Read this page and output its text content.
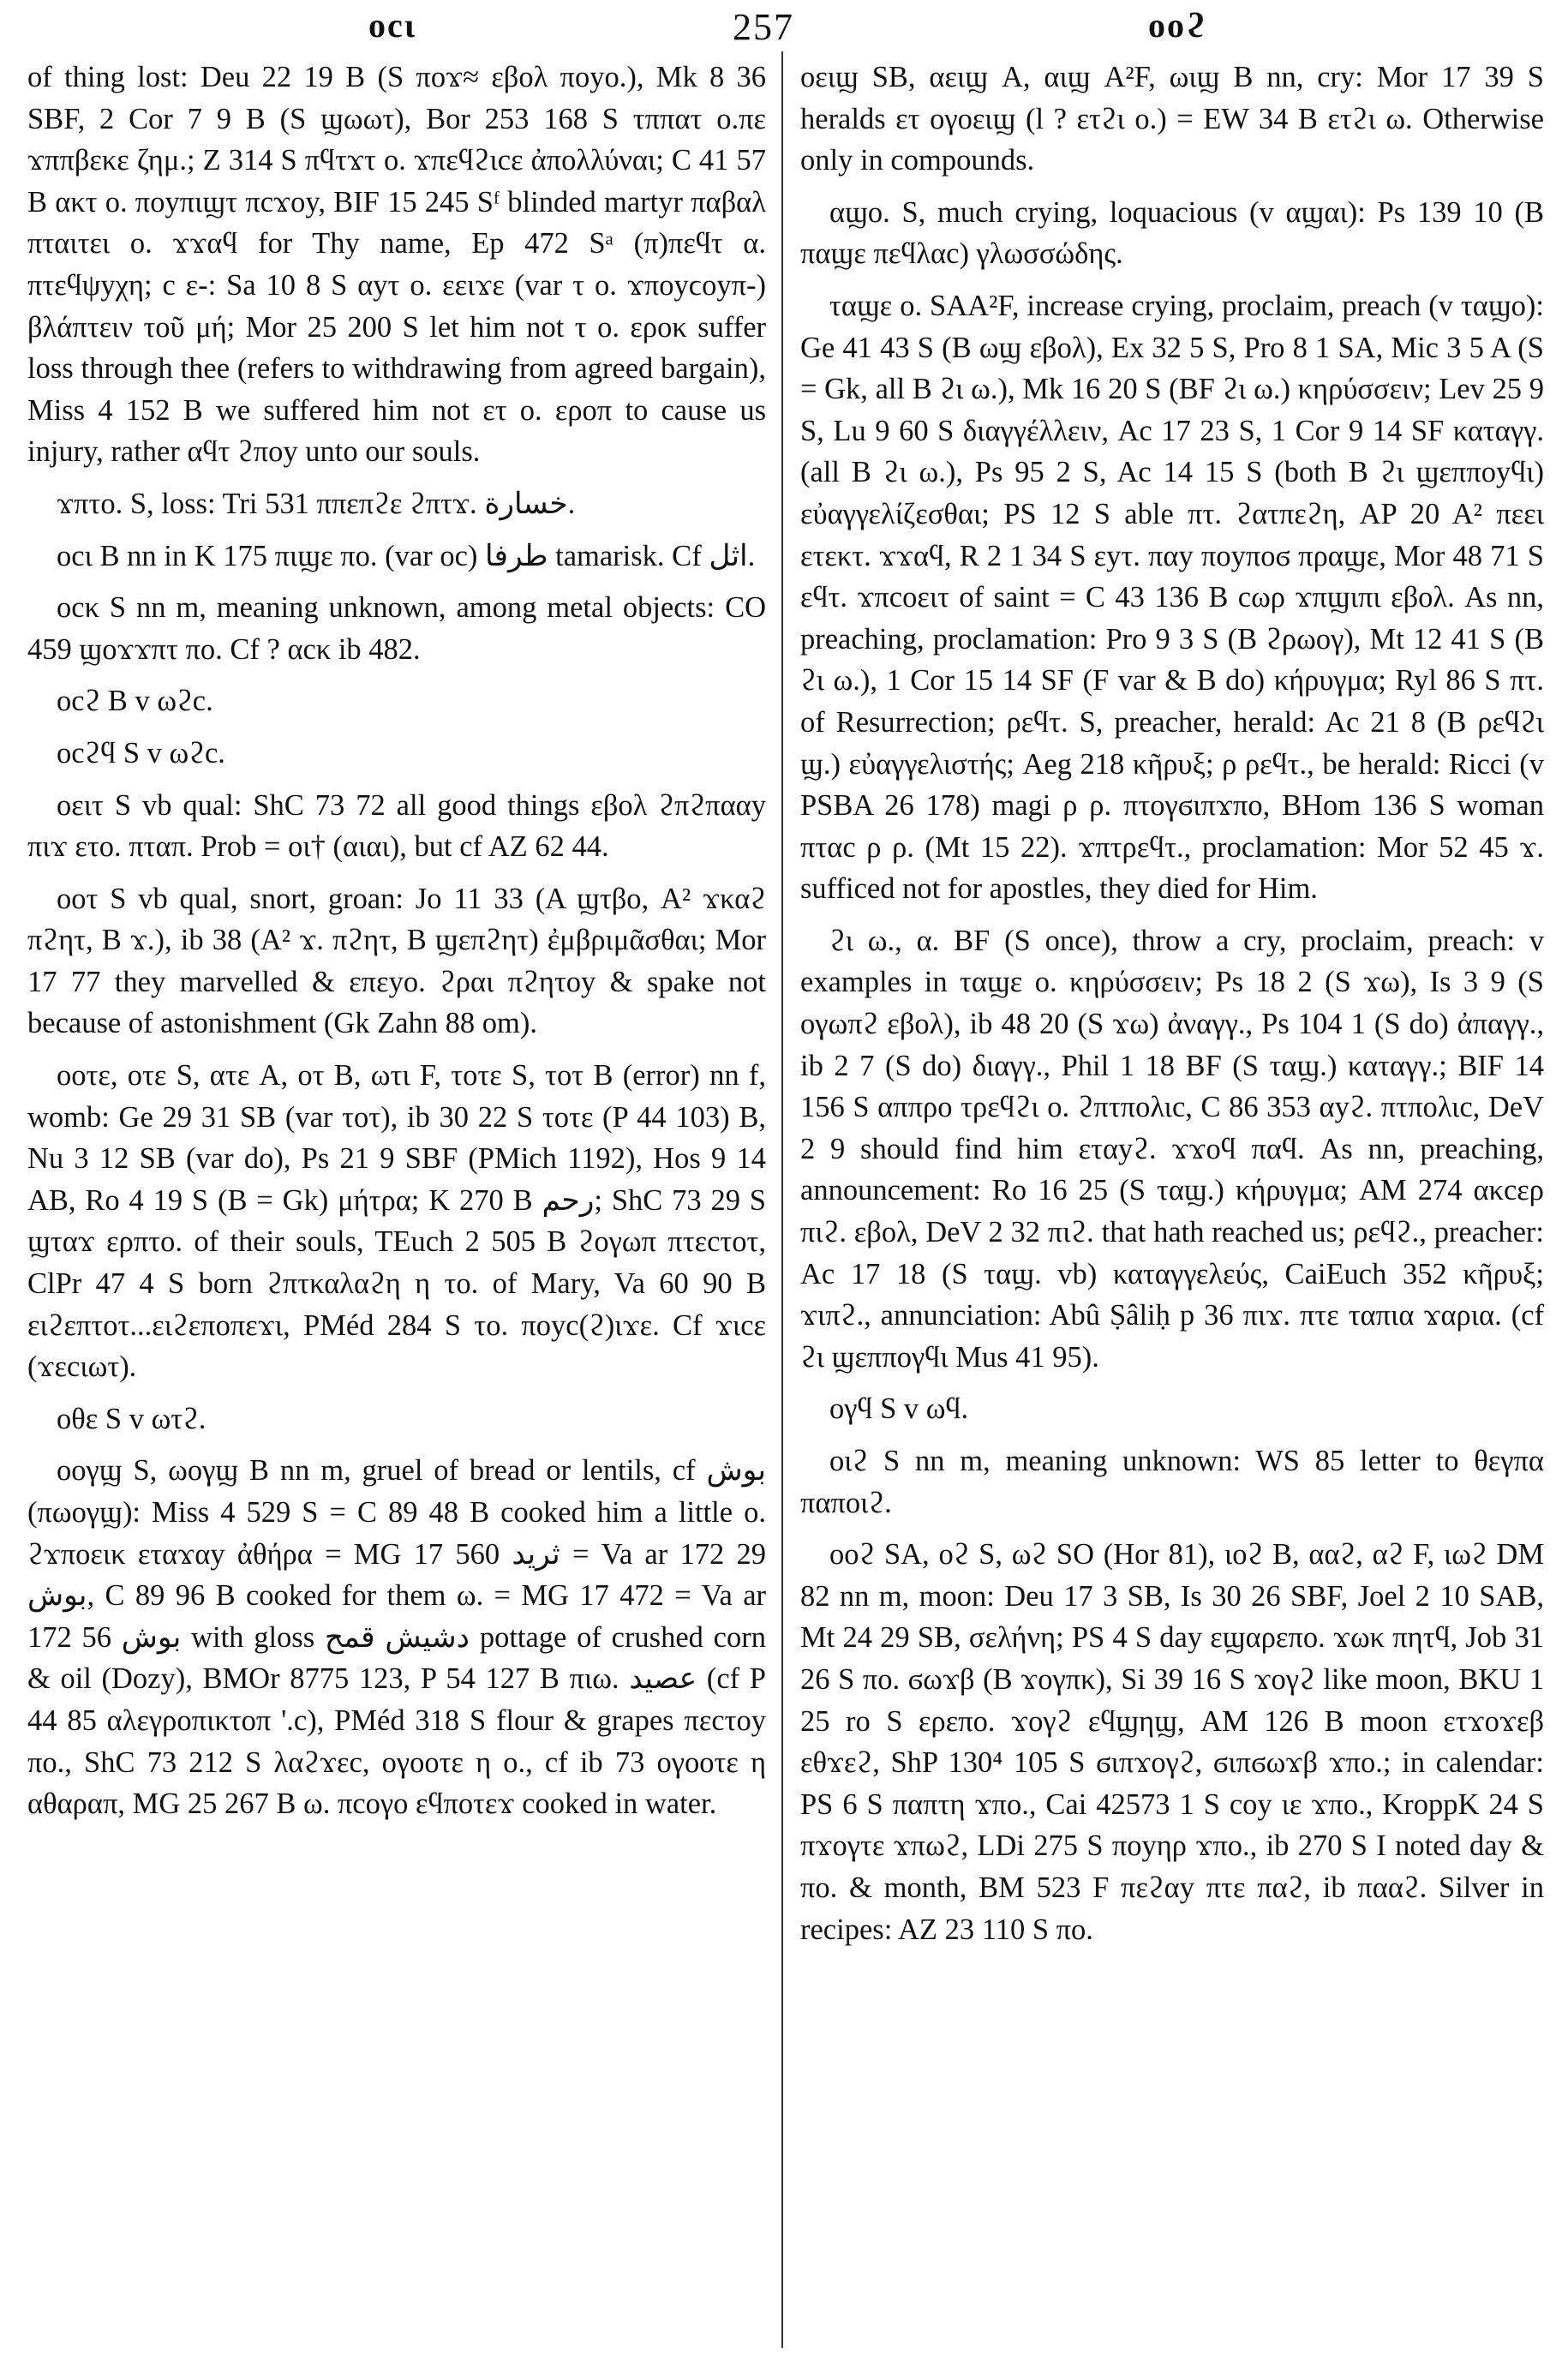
οcι	257	οοϩ

of thing lost: Deu 22 19 B (S ποϫ≈ εβολ ποyο.), Mk 8 36 SBF, 2 Cor 7 9 B (S ϣωωτ), Bor 253 168 S τππατ ο.πε ϫππβεκε ζημ.; Z 314 S πϥτϫτ ο. ϫπεϥϩιcε ἀπολλύναι; C 41 57 B ακτ ο. ποyπιϣτ πcϫοy, BIF 15 245 Sᶠ blinded martyr παβαλ πταιτει ο. ϫϫαϥ for Thy name, Ep 472 Sᵃ (π)πεϥτ α. πτεϥψyχη; c ε-: Sa 10 8 S αyτ ο. εειϫε (var τ ο. ϫποyϲοyπ-) βλάπτειν τοῦ μή; Mor 25 200 S let him not τ ο. εροκ suffer loss through thee (refers to withdrawing from agreed bargain), Miss 4 152 B we suffered him not ετ ο. εροπ to cause us injury, rather αϥτ ϩποy unto our souls.

ϫπτο. S, loss: Tri 531 ππεπϩε ϩπτϫ. خسارة.

οcι B nn in K 175 πιϣε πο. (var οc) طرفا tamarisk. Cf اثل.

οcκ S nn m, meaning unknown, among metal objects: CO 459 ϣοϫϫπτ πο. Cf ? αcκ ib 482.

οcϩ B v ωϩc.

οcϩϥ S v ωϩc.

οειτ S vb qual: ShC 73 72 all good things εβολ ϩπϩπααy πιϫ ετο. πταπ. Prob = οι† (αιαι), but cf AZ 62 44.

οοτ S vb qual, snort, groan: Jo 11 33 (A ϣτβο, A² ϫκαϩ πϩητ, B ϫ.), ib 38 (A² ϫ. πϩητ, B ϣεπϩητ) ἐμβριμᾶσθαι; Mor 17 77 they marvelled & επεyο. ϩραι πϩητοy & spake not because of astonishment (Gk Zahn 88 om).

οοτε, οτε S, ατε A, οτ B, ωτι F, τοτε S, τοτ B (error) nn f, womb: Ge 29 31 SB (var τοτ), ib 30 22 S τοτε (P 44 103) B, Nu 3 12 SB (var do), Ps 21 9 SBF (PMich 1192), Hos 9 14 AB, Ro 4 19 S (B = Gk) μήτρα; K 270 B رحم; ShC 73 29 S ϣταϫ ερπτο. of their souls, TEuch 2 505 B ϩογωπ πτεcτοτ, ClPr 47 4 S born ϩπτκαλαϩη η το. of Mary, Va 60 90 B ειϩεπτοτ...ειϩεποπεϫι, PMéd 284 S το. ποyc(ϩ)ιϫε. Cf ϫιcε (ϫεcιωτ).

οθε S v ωτϩ.

οογϣ S, ωογϣ B nn m, gruel of bread or lentils, cf بوش (πωογϣ): Miss 4 529 S = C 89 48 B cooked him a little ο. ϩϫποεικ εταϫαy ἀθήρα = MG 17 560 ثريد = Va ar 172 29 بوش, C 89 96 B cooked for them ω. = MG 17 472 = Va ar 172 56 بوش with gloss دشيش قمح pottage of crushed corn & oil (Dozy), BMOr 8775 123, P 54 127 B πιω. عصيد (cf P 44 85 αλεγροπικτοπ '.c), PMéd 318 S flour & grapes πεcτοy πο., ShC 73 212 S λαϩϫεc, ογοοτε η ο., cf ib 73 ογοοτε η αθαραπ, MG 25 267 B ω. πcογο εϥποτεϫ cooked in water.

οειϣ SB, αειϣ A, αιϣ A²F, ωιϣ B nn, cry: Mor 17 39 S heralds ετ ογοειϣ (l ? ετϩι ο.) = EW 34 B ετϩι ω. Otherwise only in compounds.

αϣο. S, much crying, loquacious (v αϣαι): Ps 139 10 (B παϣε πεϥλαc) γλωσσώδης.

ταϣε ο. SAA²F, increase crying, proclaim, preach (v ταϣο): Ge 41 43 S (B ωϣ εβολ), Ex 32 5 S, Pro 8 1 SA, Mic 3 5 A (S = Gk, all B ϩι ω.), Mk 16 20 S (BF ϩι ω.) κηρύσσειν; Lev 25 9 S, Lu 9 60 S διαγγέλλειν, Ac 17 23 S, 1 Cor 9 14 SF καταγγ. (all B ϩι ω.), Ps 95 2 S, Ac 14 15 S (both B ϩι ϣεπποyϥι) εὐαγγελίζεσθαι; PS 12 S able πτ. ϩατπεϩη, AP 20 A² πεει ετεκτ. ϫϫαϥ, R 2 1 34 S εyτ. παy ποyποϭ πραϣε, Mor 48 71 S εϥτ. ϫπcοειτ of saint = C 43 136 B cωρ ϫπϣιπι εβολ. As nn, preaching, proclamation: Pro 9 3 S (B ϩρωογ), Mt 12 41 S (B ϩι ω.), 1 Cor 15 14 SF (F var & B do) κήρυγμα; Ryl 86 S πτ. of Resurrection; ρεϥτ. S, preacher, herald: Ac 21 8 (B ρεϥϩι ϣ.) εὐαγγελιστής; Aeg 218 κῆρυξ; ρ ρεϥτ., be herald: Ricci (v PSBA 26 178) magi ρ ρ. πτογϭιπϫπο, BHom 136 S woman πταc ρ ρ. (Mt 15 22). ϫπτρεϥτ., proclamation: Mor 52 45 ϫ. sufficed not for apostles, they died for Him.

ϩι ω., α. BF (S once), throw a cry, proclaim, preach: v examples in ταϣε ο. κηρύσσειν; Ps 18 2 (S ϫω), Is 3 9 (S ογωπϩ εβολ), ib 48 20 (S ϫω) ἀναγγ., Ps 104 1 (S do) ἀπαγγ., ib 2 7 (S do) διαγγ., Phil 1 18 BF (S ταϣ.) καταγγ.; BIF 14 156 S αππρο τρεϥϩι ο. ϩπτπολιc, C 86 353 αyϩ. πτπολιc, DeV 2 9 should find him εταyϩ. ϫϫοϥ παϥ. As nn, preaching, announcement: Ro 16 25 (S ταϣ.) κήρυγμα; AM 274 ακcερ πιϩ. εβολ, DeV 2 32 πιϩ. that hath reached us; ρεϥϩ., preacher: Ac 17 18 (S ταϣ. vb) καταγγελεύς, CaiEuch 352 κῆρυξ; ϫιπϩ., annunciation: Abû Ṣâliḥ p 36 πιϫ. πτε ταπια ϫαρια. (cf ϩι ϣεππογϥι Mus 41 95).

ογϥ S v ωϥ.

οιϩ S nn m, meaning unknown: WS 85 letter to θεγπα παποιϩ.

οοϩ SA, οϩ S, ωϩ SO (Hor 81), ιοϩ B, ααϩ, αϩ F, ιωϩ DM 82 nn m, moon: Deu 17 3 SB, Is 30 26 SBF, Joel 2 10 SAB, Mt 24 29 SB, σελήνη; PS 4 S day εϣαρεπο. ϫωκ πητϥ, Job 31 26 S πο. ϭωϫβ (B ϫογπκ), Si 39 16 S ϫογϩ like moon, BKU 1 25 ro S ερεπο. ϫογϩ εϥϣηϣ, AM 126 B moon ετϫοϫεβ εθϫεϩ, ShP 130⁴ 105 S ϭιπϫογϩ, ϭιπϭωϫβ ϫπο.; in calendar: PS 6 S παπτη ϫπο., Cai 42573 1 S coy ιε ϫπο., KroppK 24 S πϫογτε ϫπωϩ, LDi 275 S ποyηρ ϫπο., ib 270 S I noted day & πο. & month, BM 523 F πεϩαy πτε παϩ, ib πααϩ. Silver in recipes: AZ 23 110 S πο.
